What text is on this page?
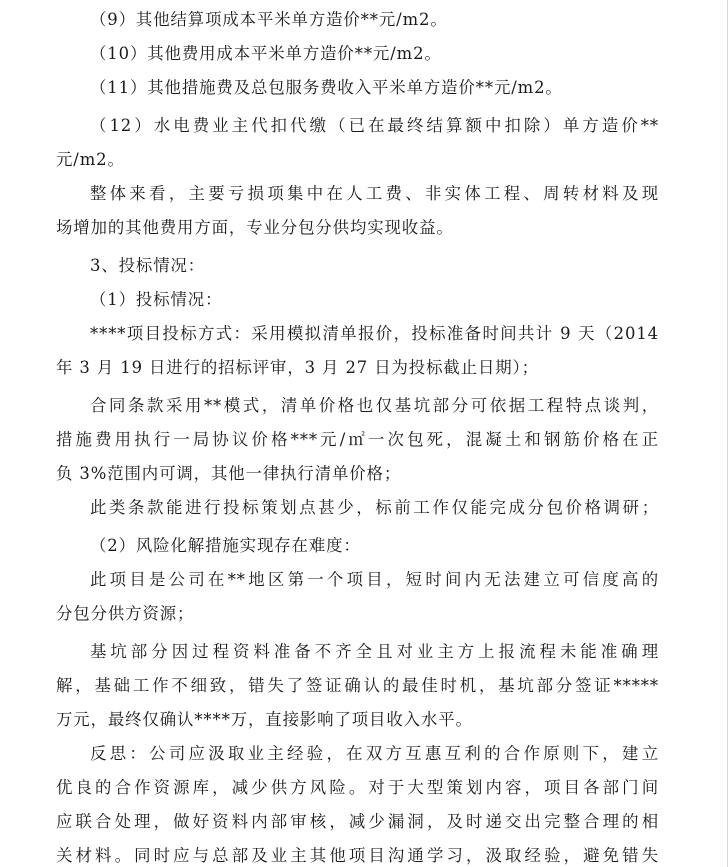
（9）其他结算项成本平米单方造价**元/m2。
（10）其他费用成本平米单方造价**元/m2。
（11）其他措施费及总包服务费收入平米单方造价**元/m2。
（12）水电费业主代扣代缴（已在最终结算额中扣除）单方造价**
元/m2。
整体来看，主要亏损项集中在人工费、非实体工程、周转材料及现
场增加的其他费用方面，专业分包分供均实现收益。
3、投标情况：
（1）投标情况：
****项目投标方式：采用模拟清单报价，投标准备时间共计 9 天（2014
年 3 月 19 日进行的招标评审，3 月 27 日为投标截止日期）；
合同条款采用**模式，清单价格也仅基坑部分可依据工程特点谈判，
措施费用执行一局协议价格***元/㎡一次包死，混凝土和钢筋价格在正
负 3%范围内可调，其他一律执行清单价格；
此类条款能进行投标策划点甚少，标前工作仅能完成分包价格调研；
（2）风险化解措施实现存在难度：
此项目是公司在**地区第一个项目，短时间内无法建立可信度高的
分包分供方资源；
基坑部分因过程资料准备不齐全且对业主方上报流程未能准确理
解，基础工作不细致，错失了签证确认的最佳时机，基坑部分签证*****
万元，最终仅确认****万，直接影响了项目收入水平。
反思：公司应汲取业主经验，在双方互惠互利的合作原则下，建立
优良的合作资源库，减少供方风险。对于大型策划内容，项目各部门间
应联合处理，做好资料内部审核，减少漏洞，及时递交出完整合理的相
关材料。同时应与总部及业主其他项目沟通学习，汲取经验，避免错失
